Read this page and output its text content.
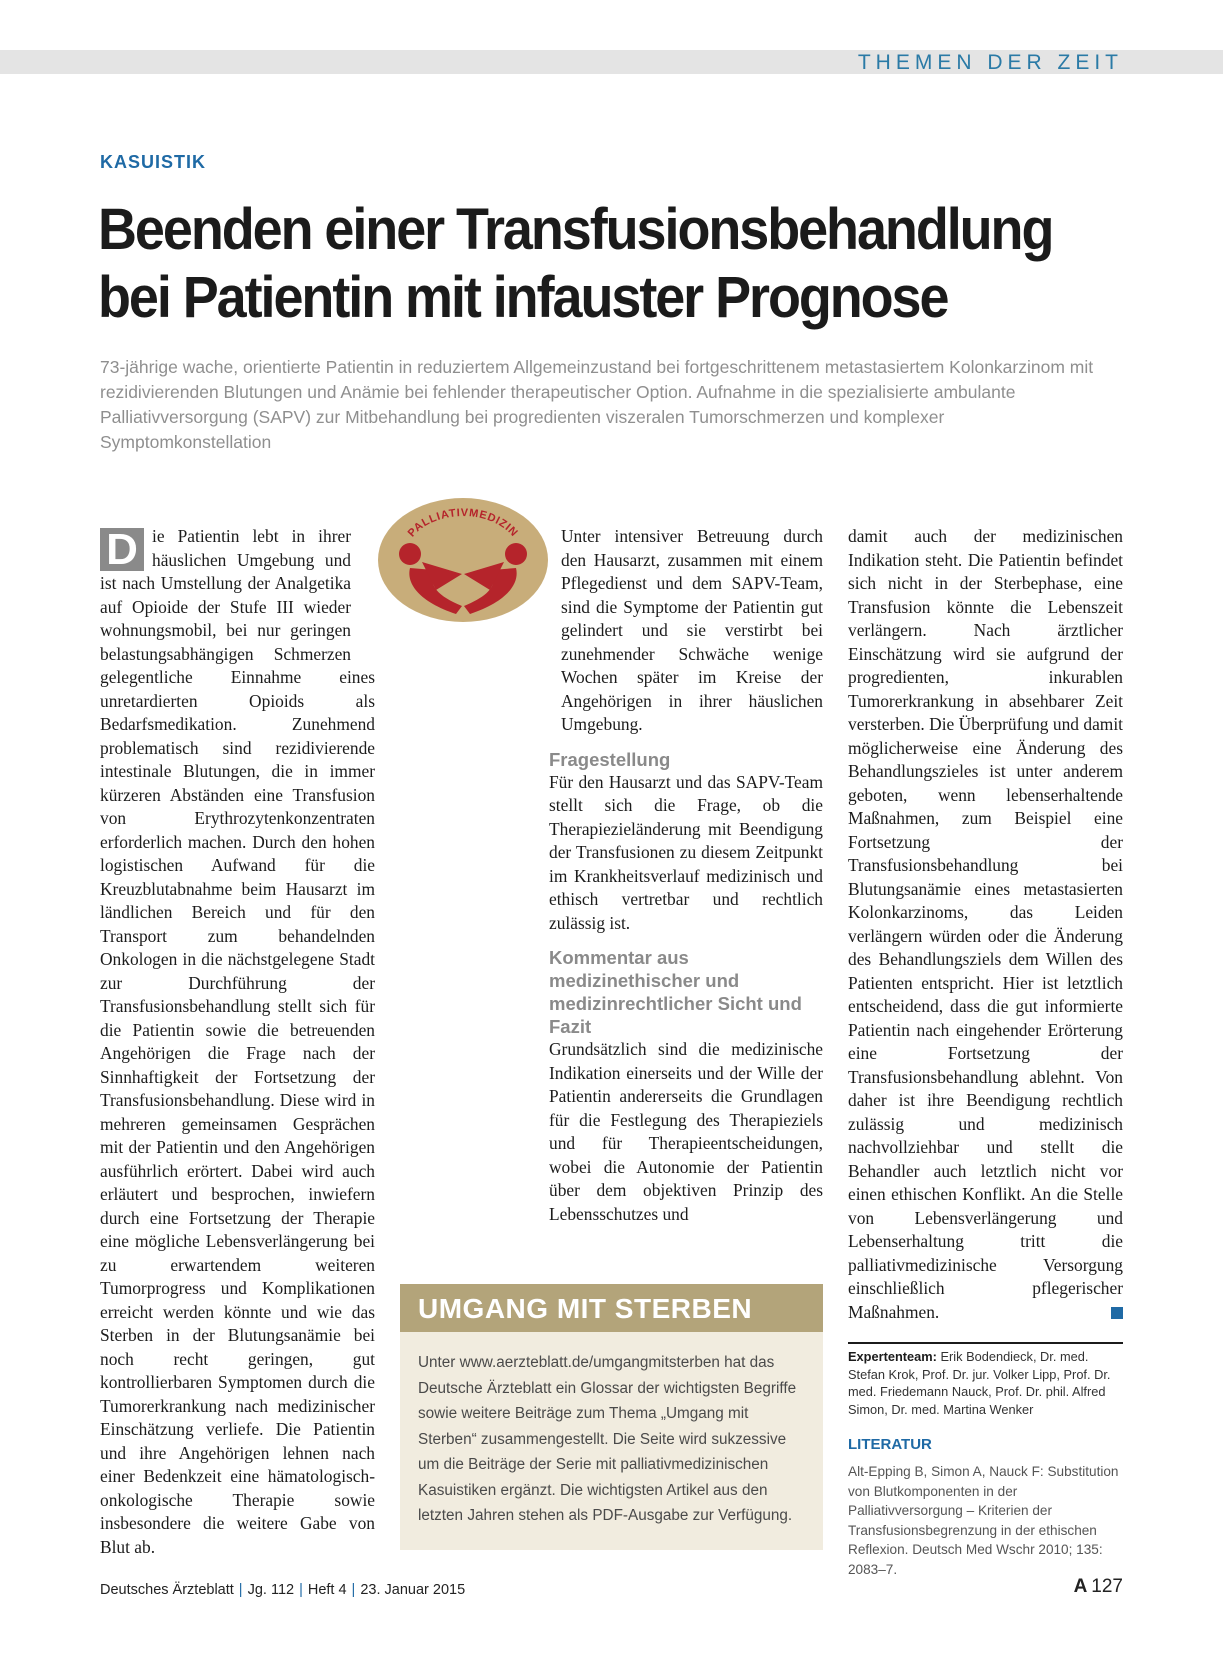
THEMEN DER ZEIT
KASUISTIK
Beenden einer Transfusionsbehandlung
bei Patientin mit infauster Prognose

73-jährige wache, orientierte Patientin in reduziertem Allgemeinzustand bei fortgeschrittenem metastasiertem Kolonkarzinom mit rezidivierenden Blutungen und Anämie bei fehlender therapeutischer Option. Aufnahme in die spezialisierte ambulante Palliativversorgung (SAPV) zur Mitbehandlung bei progredienten viszeralen Tumorschmerzen und komplexer Symptomkonstellation

PALLIATIVMEDIZIN
D ie Patientin lebt in ihrer häuslichen Umgebung und ist nach Umstellung der Analgetika auf Opioide der Stufe III wieder wohnungsmobil, bei nur geringen belastungsabhängigen Schmerzen gelegentliche Einnahme eines unretardierten Opioids als Bedarfsmedikation. Zunehmend problematisch sind rezidivierende intestinale Blutungen, die in immer kürzeren Abständen eine Transfusion von Erythrozytenkonzentraten erforderlich machen. Durch den hohen logistischen Aufwand für die Kreuzblutabnahme beim Hausarzt im ländlichen Bereich und für den Transport zum behandelnden Onkologen in die nächstgelegene Stadt zur Durchführung der Transfusionsbehandlung stellt sich für die Patientin sowie die betreuenden Angehörigen die Frage nach der Sinnhaftigkeit der Fortsetzung der Transfusionsbehandlung. Diese wird in mehreren gemeinsamen Gesprächen mit der Patientin und den Angehörigen ausführlich erörtert. Dabei wird auch erläutert und besprochen, inwiefern durch eine Fortsetzung der Therapie eine mögliche Lebensverlängerung bei zu erwartendem weiteren Tumorprogress und Komplikationen erreicht werden könnte und wie das Sterben in der Blutungsanämie bei noch recht geringen, gut kontrollierbaren Symptomen durch die Tumorerkrankung nach medizinischer Einschätzung verliefe. Die Patientin und ihre Angehörigen lehnen nach einer Bedenkzeit eine hämatologisch-onkologische Therapie sowie insbesondere die weitere Gabe von Blut ab.

Unter intensiver Betreuung durch den Hausarzt, zusammen mit einem Pflegedienst und dem SAPV-Team, sind die Symptome der Patientin gut gelindert und sie verstirbt bei zunehmender Schwäche wenige Wochen später im Kreise der Angehörigen in ihrer häuslichen Umgebung.

Fragestellung

Für den Hausarzt und das SAPV-Team stellt sich die Frage, ob die Therapiezieländerung mit Beendigung der Transfusionen zu diesem Zeitpunkt im Krankheitsverlauf medizinisch und ethisch vertretbar und rechtlich zulässig ist.

Kommentar aus medizinethischer und medizinrechtlicher Sicht und Fazit

Grundsätzlich sind die medizinische Indikation einerseits und der Wille der Patientin andererseits die Grundlagen für die Festlegung des Therapieziels und für Therapieentscheidungen, wobei die Autonomie der Patientin über dem objektiven Prinzip des Lebensschutzes und

damit auch der medizinischen Indikation steht. Die Patientin befindet sich nicht in der Sterbephase, eine Transfusion könnte die Lebenszeit verlängern. Nach ärztlicher Einschätzung wird sie aufgrund der progredienten, inkurablen Tumorerkrankung in absehbarer Zeit versterben. Die Überprüfung und damit möglicherweise eine Änderung des Behandlungszieles ist unter anderem geboten, wenn lebenserhaltende Maßnahmen, zum Beispiel eine Fortsetzung der Transfusionsbehandlung bei Blutungsanämie eines metastasierten Kolonkarzinoms, das Leiden verlängern würden oder die Änderung des Behandlungsziels dem Willen des Patienten entspricht. Hier ist letztlich entscheidend, dass die gut informierte Patientin nach eingehender Erörterung eine Fortsetzung der Transfusionsbehandlung ablehnt. Von daher ist ihre Beendigung rechtlich zulässig und medizinisch nachvollziehbar und stellt die Behandler auch letztlich nicht vor einen ethischen Konflikt. An die Stelle von Lebensverlängerung und Lebenserhaltung tritt die palliativmedizinische Versorgung einschließlich pflegerischer Maßnahmen.

Expertenteam: Erik Bodendieck, Dr. med. Stefan Krok, Prof. Dr. jur. Volker Lipp, Prof. Dr. med. Friedemann Nauck, Prof. Dr. phil. Alfred Simon, Dr. med. Martina Wenker
LITERATUR
Alt-Epping B, Simon A, Nauck F: Substitution von Blutkomponenten in der Palliativversorgung – Kriterien der Transfusionsbegrenzung in der ethischen Reflexion. Deutsch Med Wschr 2010; 135: 2083–7.
UMGANG MIT STERBEN
Unter www.aerzteblatt.de/umgangmitsterben hat das Deutsche Ärzteblatt ein Glossar der wichtigsten Begriffe sowie weitere Beiträge zum Thema „Umgang mit Sterben“ zusammengestellt. Die Seite wird sukzessive um die Beiträge der Serie mit palliativmedizinischen Kasuistiken ergänzt. Die wichtigsten Artikel aus den letzten Jahren stehen als PDF-Ausgabe zur Verfügung.
Deutsches Ärzteblatt | Jg. 112 | Heft 4 | 23. Januar 2015	A 127
